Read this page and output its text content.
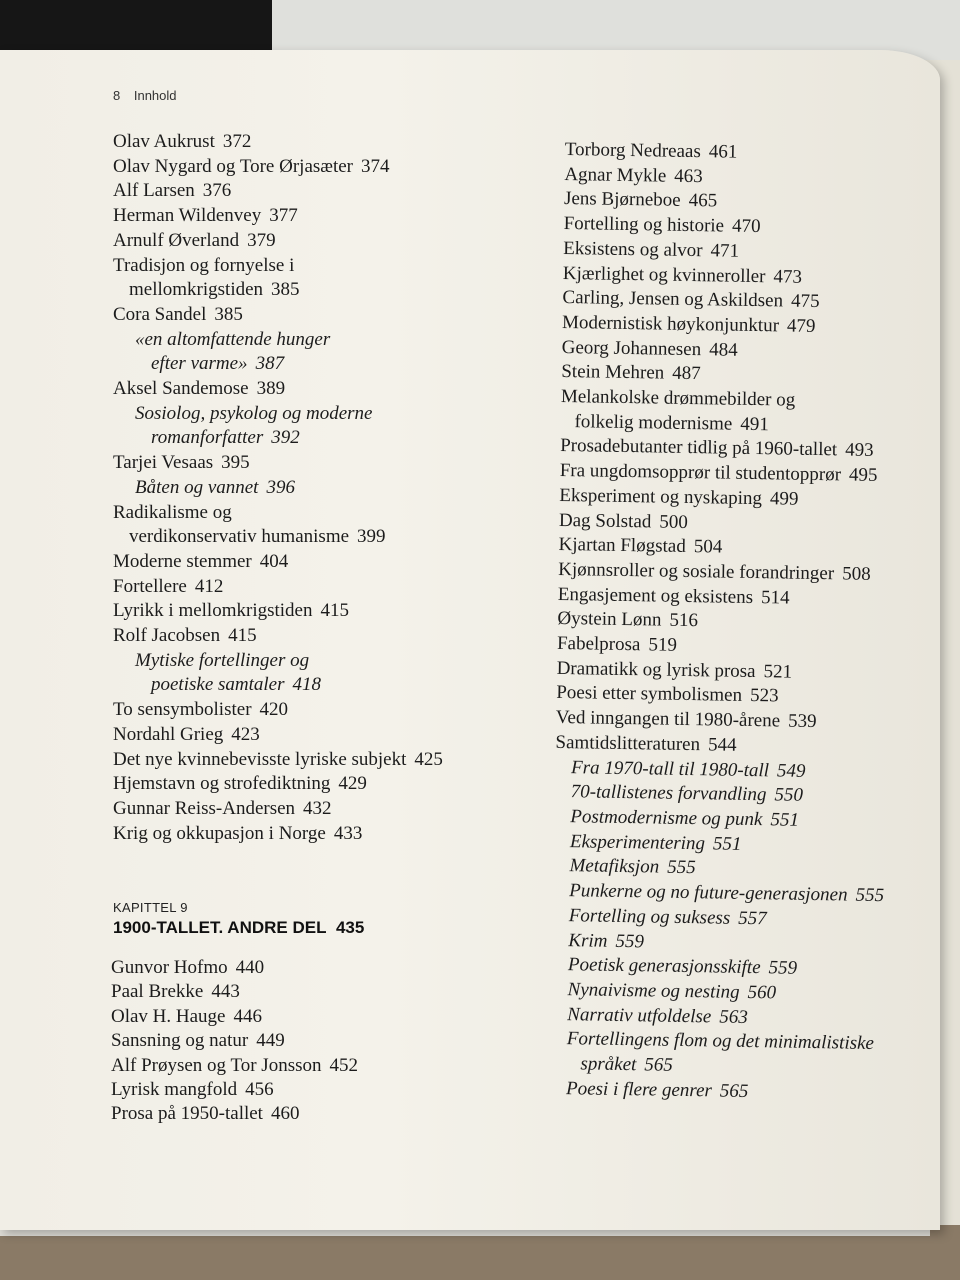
8 Innhold
Olav Aukrust 372
Olav Nygard og Tore Ørjasæter 374
Alf Larsen 376
Herman Wildenvey 377
Arnulf Øverland 379
Tradisjon og fornyelse i
mellomkrigstiden 385
Cora Sandel 385
«en altomfattende hunger
efter varme» 387
Aksel Sandemose 389
Sosiolog, psykolog og moderne
romanforfatter 392
Tarjei Vesaas 395
Båten og vannet 396
Radikalisme og
verdikonservativ humanisme 399
Moderne stemmer 404
Fortellere 412
Lyrikk i mellomkrigstiden 415
Rolf Jacobsen 415
Mytiske fortellinger og
poetiske samtaler 418
To sensymbolister 420
Nordahl Grieg 423
Det nye kvinnebevisste lyriske subjekt 425
Hjemstavn og strofediktning 429
Gunnar Reiss-Andersen 432
Krig og okkupasjon i Norge 433
KAPITTEL 9
1900-TALLET. ANDRE DEL 435
Gunvor Hofmo 440
Paal Brekke 443
Olav H. Hauge 446
Sansning og natur 449
Alf Prøysen og Tor Jonsson 452
Lyrisk mangfold 456
Prosa på 1950-tallet 460
Torborg Nedreaas 461
Agnar Mykle 463
Jens Bjørneboe 465
Fortelling og historie 470
Eksistens og alvor 471
Kjærlighet og kvinneroller 473
Carling, Jensen og Askildsen 475
Modernistisk høykonjunktur 479
Georg Johannesen 484
Stein Mehren 487
Melankolske drømmebilder og
folkelig modernisme 491
Prosadebutanter tidlig på 1960-tallet 493
Fra ungdomsopprør til studentopprør 495
Eksperiment og nyskaping 499
Dag Solstad 500
Kjartan Fløgstad 504
Kjønnsroller og sosiale forandringer 508
Engasjement og eksistens 514
Øystein Lønn 516
Fabelprosa 519
Dramatikk og lyrisk prosa 521
Poesi etter symbolismen 523
Ved inngangen til 1980-årene 539
Samtidslitteraturen 544
Fra 1970-tall til 1980-tall 549
70-tallistenes forvandling 550
Postmodernisme og punk 551
Eksperimentering 551
Metafiksjon 555
Punkerne og no future-generasjonen 555
Fortelling og suksess 557
Krim 559
Poetisk generasjonsskifte 559
Nynaivisme og nesting 560
Narrativ utfoldelse 563
Fortellingens flom og det minimalistiske
språket 565
Poesi i flere genrer 565
